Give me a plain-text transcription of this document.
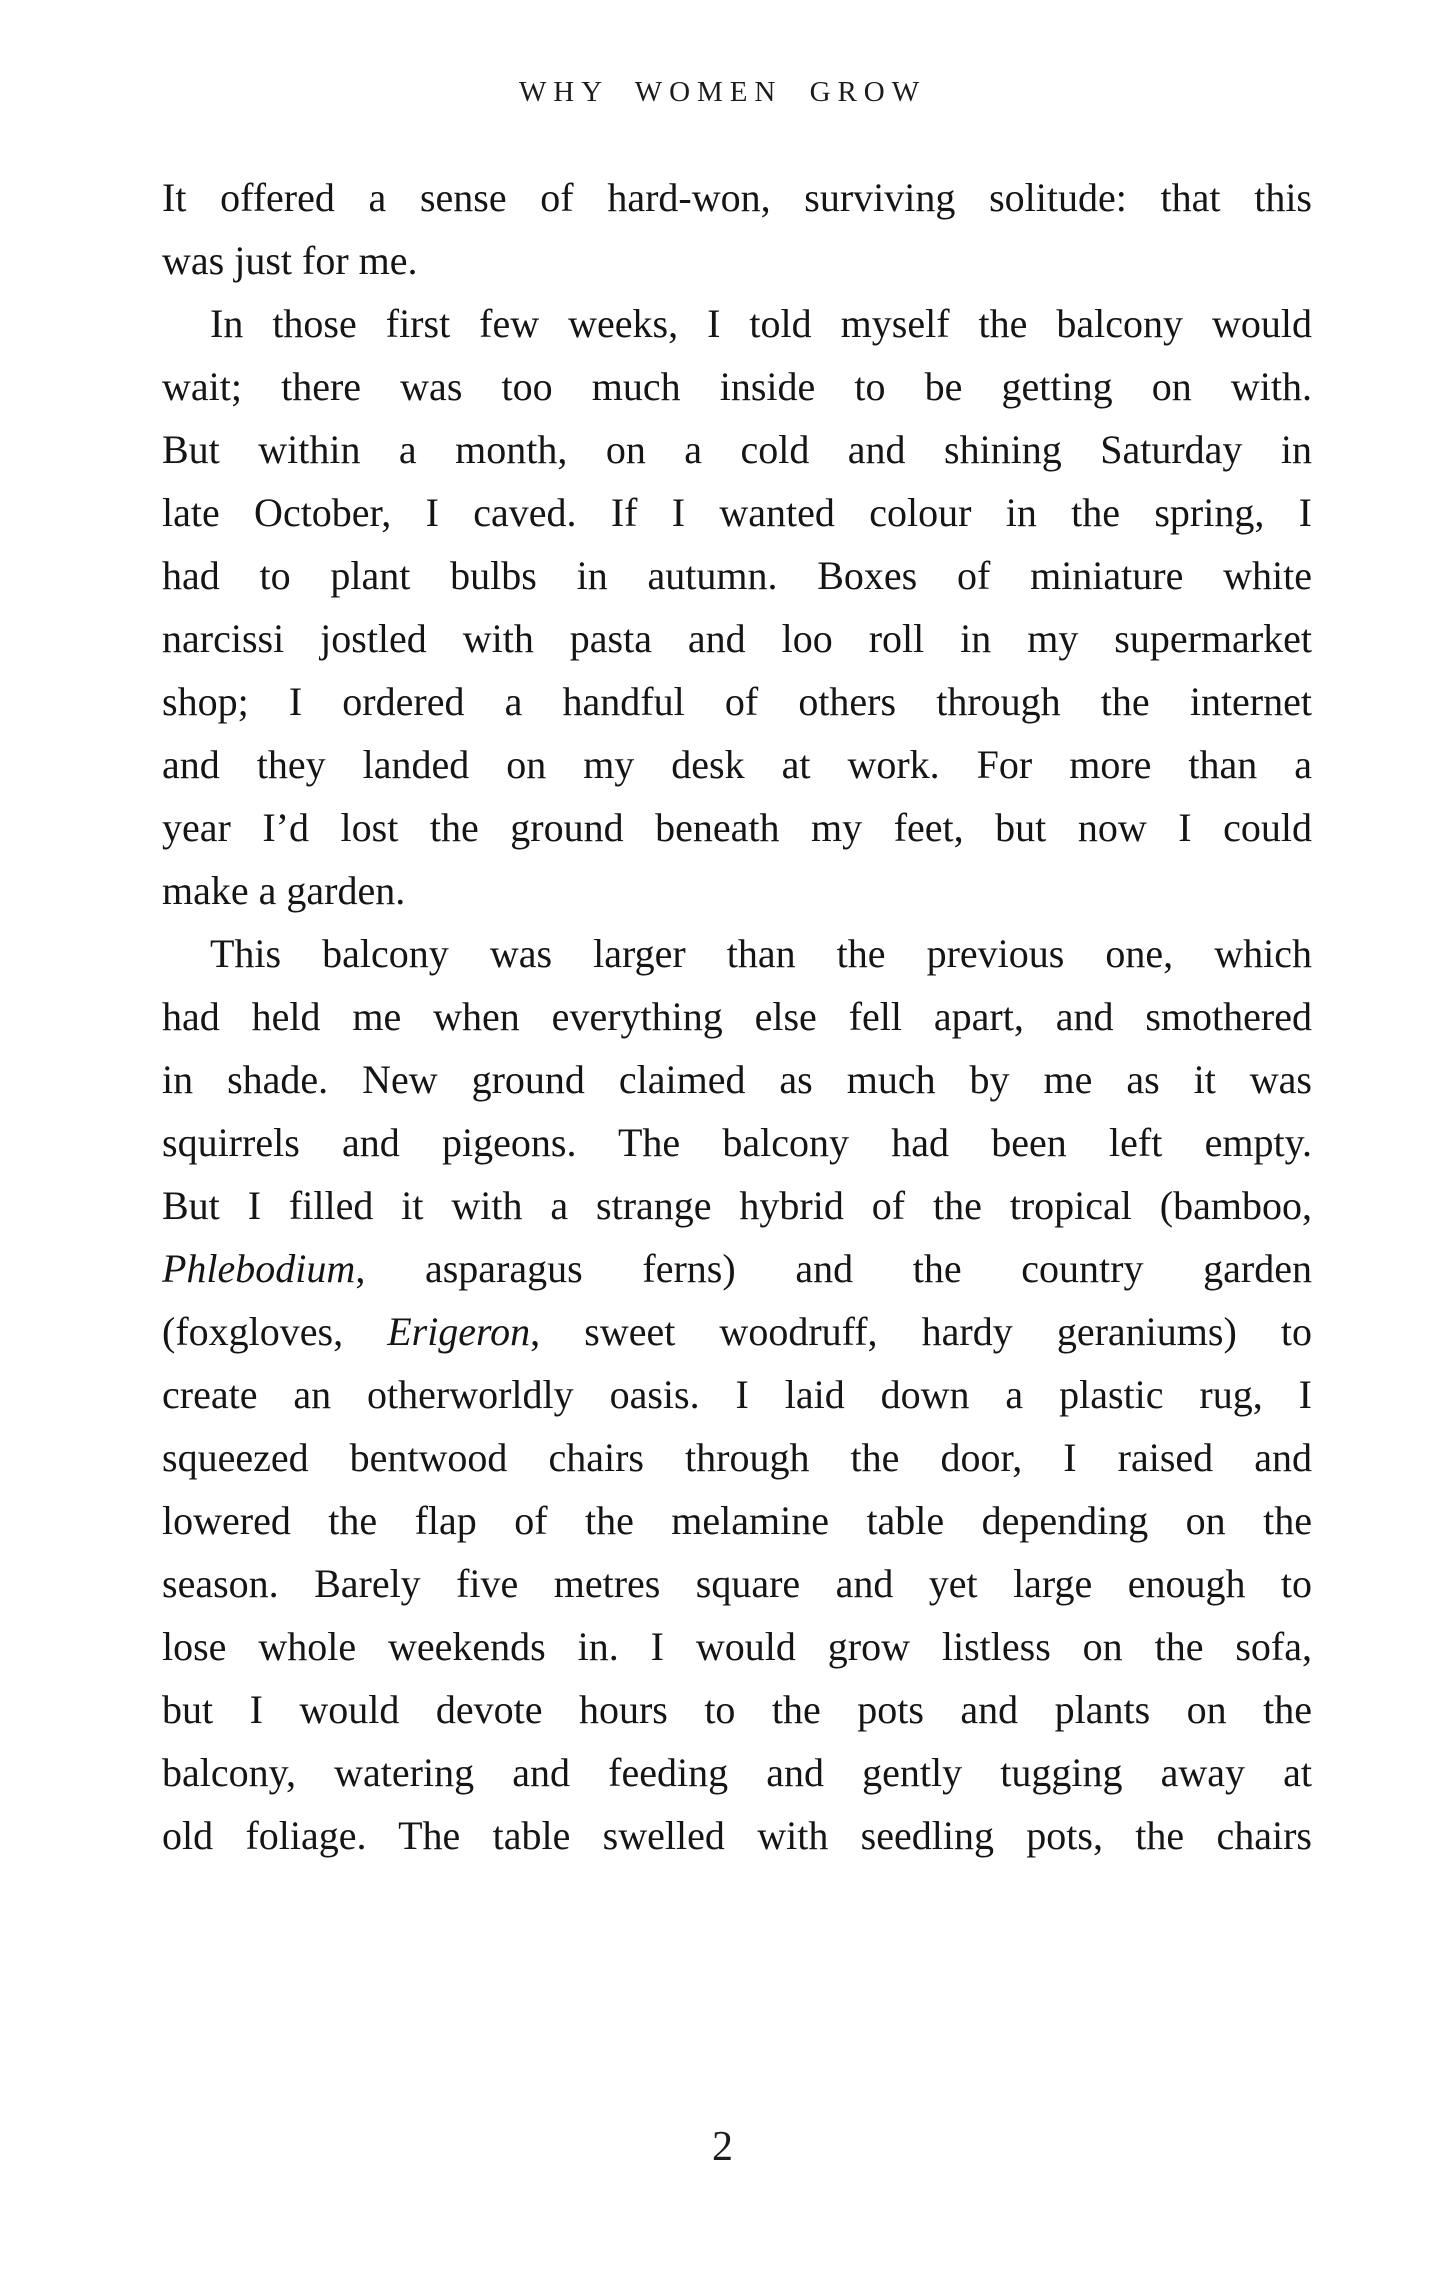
WHY WOMEN GROW
It offered a sense of hard-won, surviving solitude: that this
was just for me.
In those first few weeks, I told myself the balcony would
wait; there was too much inside to be getting on with.
But within a month, on a cold and shining Saturday in
late October, I caved. If I wanted colour in the spring, I
had to plant bulbs in autumn. Boxes of miniature white
narcissi jostled with pasta and loo roll in my supermarket
shop; I ordered a handful of others through the internet
and they landed on my desk at work. For more than a
year I’d lost the ground beneath my feet, but now I could
make a garden.
This balcony was larger than the previous one, which
had held me when everything else fell apart, and smothered
in shade. New ground claimed as much by me as it was
squirrels and pigeons. The balcony had been left empty.
But I filled it with a strange hybrid of the tropical (bamboo,
Phlebodium, asparagus ferns) and the country garden
(foxgloves, Erigeron, sweet woodruff, hardy geraniums) to
create an otherworldly oasis. I laid down a plastic rug, I
squeezed bentwood chairs through the door, I raised and
lowered the flap of the melamine table depending on the
season. Barely five metres square and yet large enough to
lose whole weekends in. I would grow listless on the sofa,
but I would devote hours to the pots and plants on the
balcony, watering and feeding and gently tugging away at
old foliage. The table swelled with seedling pots, the chairs
2
